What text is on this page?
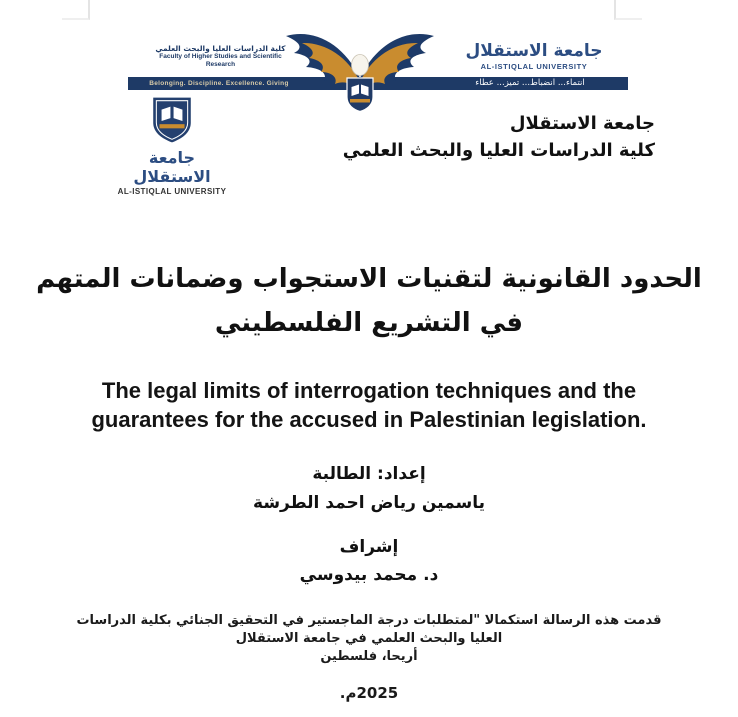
Belonging. Discipline. Excellence. Giving	انتماء... انضباط... تميز... عطاء
كلية الدراسات العليا والبحث العلمي
Faculty of Higher Studies and Scientific
Research
جامعة الاستقلال
AL-ISTIQLAL UNIVERSITY
جامعة الاستقلال
AL-ISTIQLAL UNIVERSITY
جامعة الاستقلال
كلية الدراسات العليا والبحث العلمي
الحدود القانونية لتقنيات الاستجواب وضمانات المتهم
في التشريع الفلسطيني
The legal limits of interrogation techniques and the
guarantees for the accused in Palestinian legislation.
إعداد: الطالبة
ياسمين رياض احمد الطرشة
إشراف
د. محمد بيدوسي
قدمت هذه الرسالة استكمالا "لمتطلبات درجة الماجستير في التحقيق الجنائي بكلية الدراسات
العليا والبحث العلمي في جامعة الاستقلال
أريحا، فلسطين
2025م.
